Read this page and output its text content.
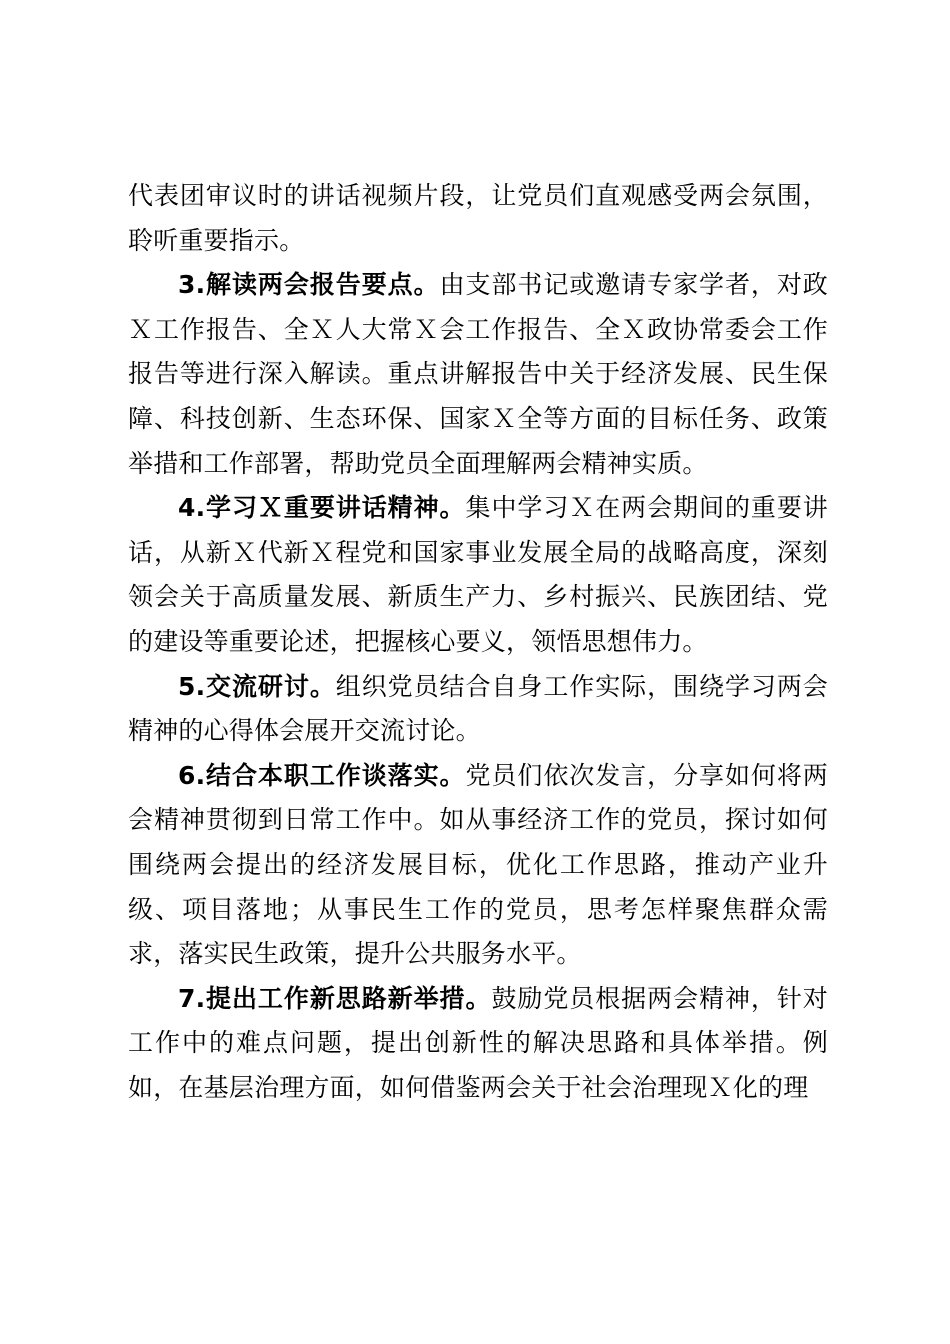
代表团审议时的讲话视频片段，让党员们直观感受两会氛围，聆听重要指示。

3.解读两会报告要点。由支部书记或邀请专家学者，对政Ｘ工作报告、全Ｘ人大常Ｘ会工作报告、全Ｘ政协常委会工作报告等进行深入解读。重点讲解报告中关于经济发展、民生保障、科技创新、生态环保、国家Ｘ全等方面的目标任务、政策举措和工作部署，帮助党员全面理解两会精神实质。

4.学习Ｘ重要讲话精神。集中学习Ｘ在两会期间的重要讲话，从新Ｘ代新Ｘ程党和国家事业发展全局的战略高度，深刻领会关于高质量发展、新质生产力、乡村振兴、民族团结、党的建设等重要论述，把握核心要义，领悟思想伟力。

5.交流研讨。组织党员结合自身工作实际，围绕学习两会精神的心得体会展开交流讨论。

6.结合本职工作谈落实。党员们依次发言，分享如何将两会精神贯彻到日常工作中。如从事经济工作的党员，探讨如何围绕两会提出的经济发展目标，优化工作思路，推动产业升级、项目落地；从事民生工作的党员，思考怎样聚焦群众需求，落实民生政策，提升公共服务水平。

7.提出工作新思路新举措。鼓励党员根据两会精神，针对工作中的难点问题，提出创新性的解决思路和具体举措。例如，在基层治理方面，如何借鉴两会关于社会治理现Ｘ化的理
